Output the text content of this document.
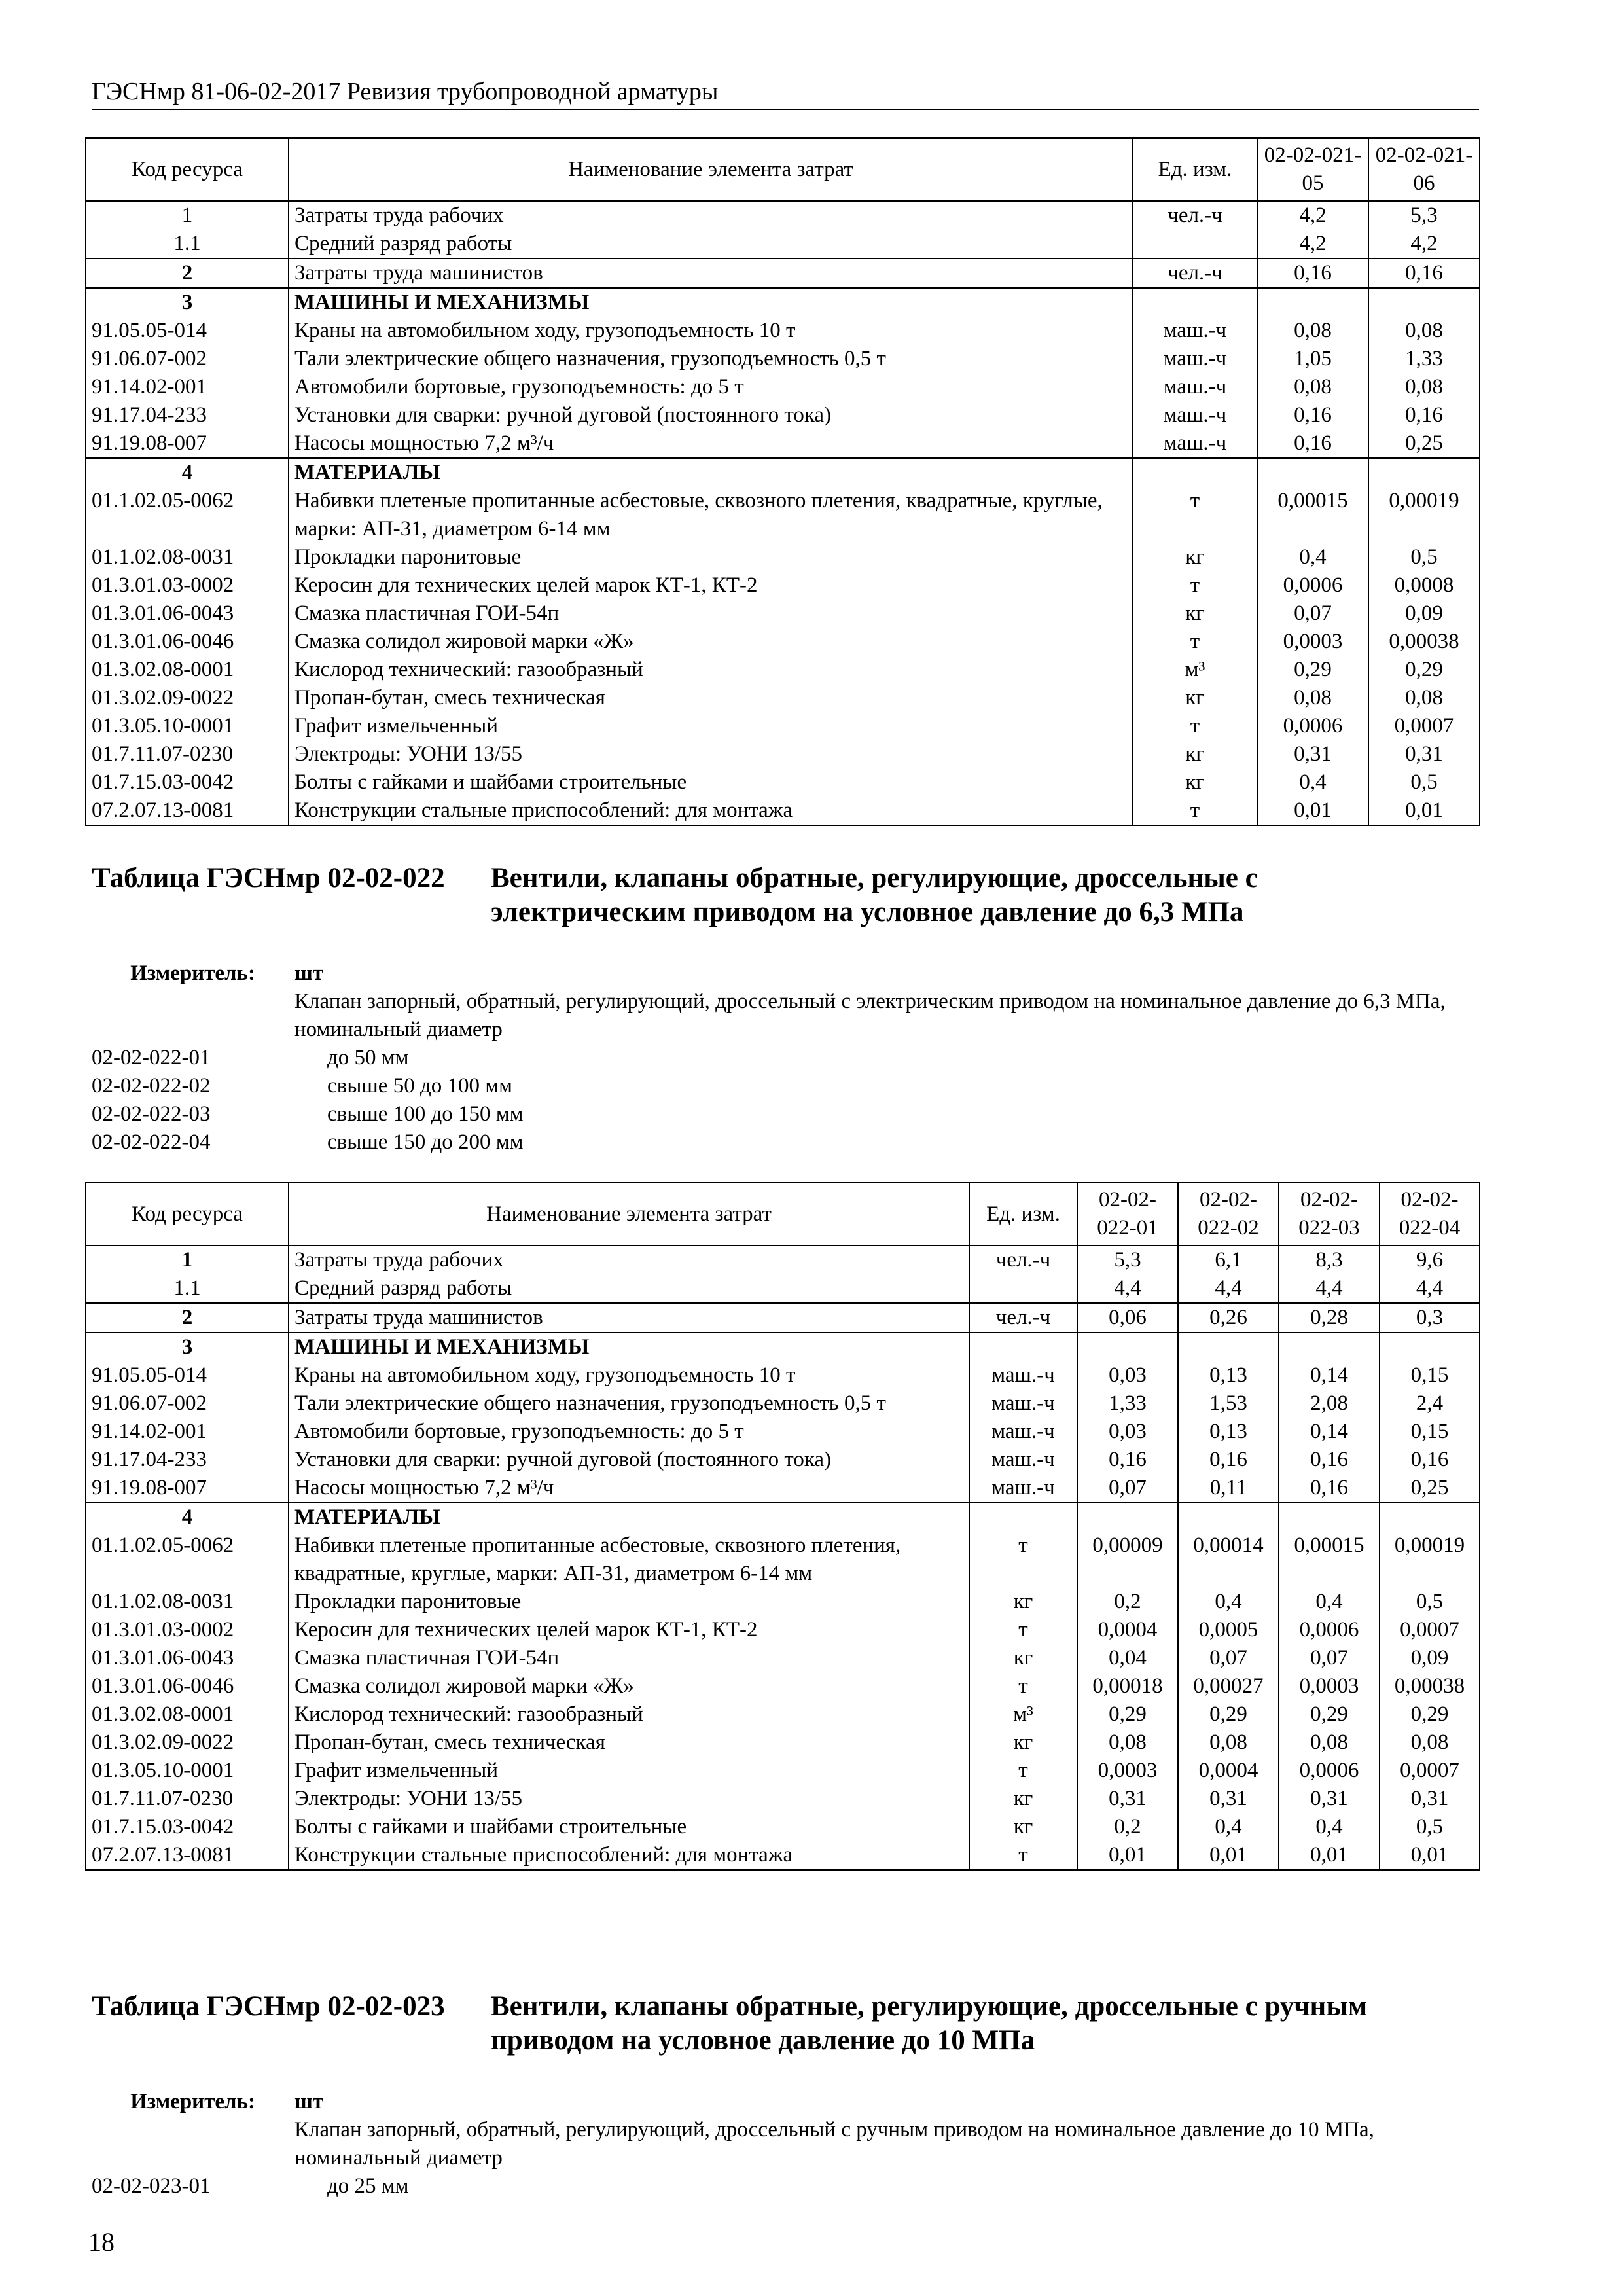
ГЭСНмр 81-06-02-2017 Ревизия трубопроводной арматуры
Код ресурса	Наименование элемента затрат	Ед. изм.	02-02-021-05	02-02-021-06
1	Затраты труда рабочих	чел.-ч	4,2	5,3
1.1	Средний разряд работы		4,2	4,2
2	Затраты труда машинистов	чел.-ч	0,16	0,16
3	МАШИНЫ И МЕХАНИЗМЫ			
91.05.05-014	Краны на автомобильном ходу, грузоподъемность 10 т	маш.-ч	0,08	0,08
91.06.07-002	Тали электрические общего назначения, грузоподъемность 0,5 т	маш.-ч	1,05	1,33
91.14.02-001	Автомобили бортовые, грузоподъемность: до 5 т	маш.-ч	0,08	0,08
91.17.04-233	Установки для сварки: ручной дуговой (постоянного тока)	маш.-ч	0,16	0,16
91.19.08-007	Насосы мощностью 7,2 м³/ч	маш.-ч	0,16	0,25
4	МАТЕРИАЛЫ			
01.1.02.05-0062	Набивки плетеные пропитанные асбестовые, сквозного плетения, квадратные, круглые, марки: АП-31, диаметром 6-14 мм	т	0,00015	0,00019
01.1.02.08-0031	Прокладки паронитовые	кг	0,4	0,5
01.3.01.03-0002	Керосин для технических целей марок КТ-1, КТ-2	т	0,0006	0,0008
01.3.01.06-0043	Смазка пластичная ГОИ-54п	кг	0,07	0,09
01.3.01.06-0046	Смазка солидол жировой марки «Ж»	т	0,0003	0,00038
01.3.02.08-0001	Кислород технический: газообразный	м³	0,29	0,29
01.3.02.09-0022	Пропан-бутан, смесь техническая	кг	0,08	0,08
01.3.05.10-0001	Графит измельченный	т	0,0006	0,0007
01.7.11.07-0230	Электроды: УОНИ 13/55	кг	0,31	0,31
01.7.15.03-0042	Болты с гайками и шайбами строительные	кг	0,4	0,5
07.2.07.13-0081	Конструкции стальные приспособлений: для монтажа	т	0,01	0,01
Таблица ГЭСНмр 02-02-022 Вентили, клапаны обратные, регулирующие, дроссельные с электрическим приводом на условное давление до 6,3 МПа
Измеритель: шт
Клапан запорный, обратный, регулирующий, дроссельный с электрическим приводом на номинальное давление до 6,3 МПа, номинальный диаметр
02-02-022-01	до 50 мм
02-02-022-02	свыше 50 до 100 мм
02-02-022-03	свыше 100 до 150 мм
02-02-022-04	свыше 150 до 200 мм
Код ресурса	Наименование элемента затрат	Ед. изм.	02-02-022-01	02-02-022-02	02-02-022-03	02-02-022-04
1	Затраты труда рабочих	чел.-ч	5,3	6,1	8,3	9,6
1.1	Средний разряд работы		4,4	4,4	4,4	4,4
2	Затраты труда машинистов	чел.-ч	0,06	0,26	0,28	0,3
3	МАШИНЫ И МЕХАНИЗМЫ					
91.05.05-014	Краны на автомобильном ходу, грузоподъемность 10 т	маш.-ч	0,03	0,13	0,14	0,15
91.06.07-002	Тали электрические общего назначения, грузоподъемность 0,5 т	маш.-ч	1,33	1,53	2,08	2,4
91.14.02-001	Автомобили бортовые, грузоподъемность: до 5 т	маш.-ч	0,03	0,13	0,14	0,15
91.17.04-233	Установки для сварки: ручной дуговой (постоянного тока)	маш.-ч	0,16	0,16	0,16	0,16
91.19.08-007	Насосы мощностью 7,2 м³/ч	маш.-ч	0,07	0,11	0,16	0,25
4	МАТЕРИАЛЫ					
01.1.02.05-0062	Набивки плетеные пропитанные асбестовые, сквозного плетения, квадратные, круглые, марки: АП-31, диаметром 6-14 мм	т	0,00009	0,00014	0,00015	0,00019
01.1.02.08-0031	Прокладки паронитовые	кг	0,2	0,4	0,4	0,5
01.3.01.03-0002	Керосин для технических целей марок КТ-1, КТ-2	т	0,0004	0,0005	0,0006	0,0007
01.3.01.06-0043	Смазка пластичная ГОИ-54п	кг	0,04	0,07	0,07	0,09
01.3.01.06-0046	Смазка солидол жировой марки «Ж»	т	0,00018	0,00027	0,0003	0,00038
01.3.02.08-0001	Кислород технический: газообразный	м³	0,29	0,29	0,29	0,29
01.3.02.09-0022	Пропан-бутан, смесь техническая	кг	0,08	0,08	0,08	0,08
01.3.05.10-0001	Графит измельченный	т	0,0003	0,0004	0,0006	0,0007
01.7.11.07-0230	Электроды: УОНИ 13/55	кг	0,31	0,31	0,31	0,31
01.7.15.03-0042	Болты с гайками и шайбами строительные	кг	0,2	0,4	0,4	0,5
07.2.07.13-0081	Конструкции стальные приспособлений: для монтажа	т	0,01	0,01	0,01	0,01
Таблица ГЭСНмр 02-02-023 Вентили, клапаны обратные, регулирующие, дроссельные с ручным приводом на условное давление до 10 МПа
Измеритель: шт
Клапан запорный, обратный, регулирующий, дроссельный с ручным приводом на номинальное давление до 10 МПа, номинальный диаметр
02-02-023-01	до 25 мм
18
